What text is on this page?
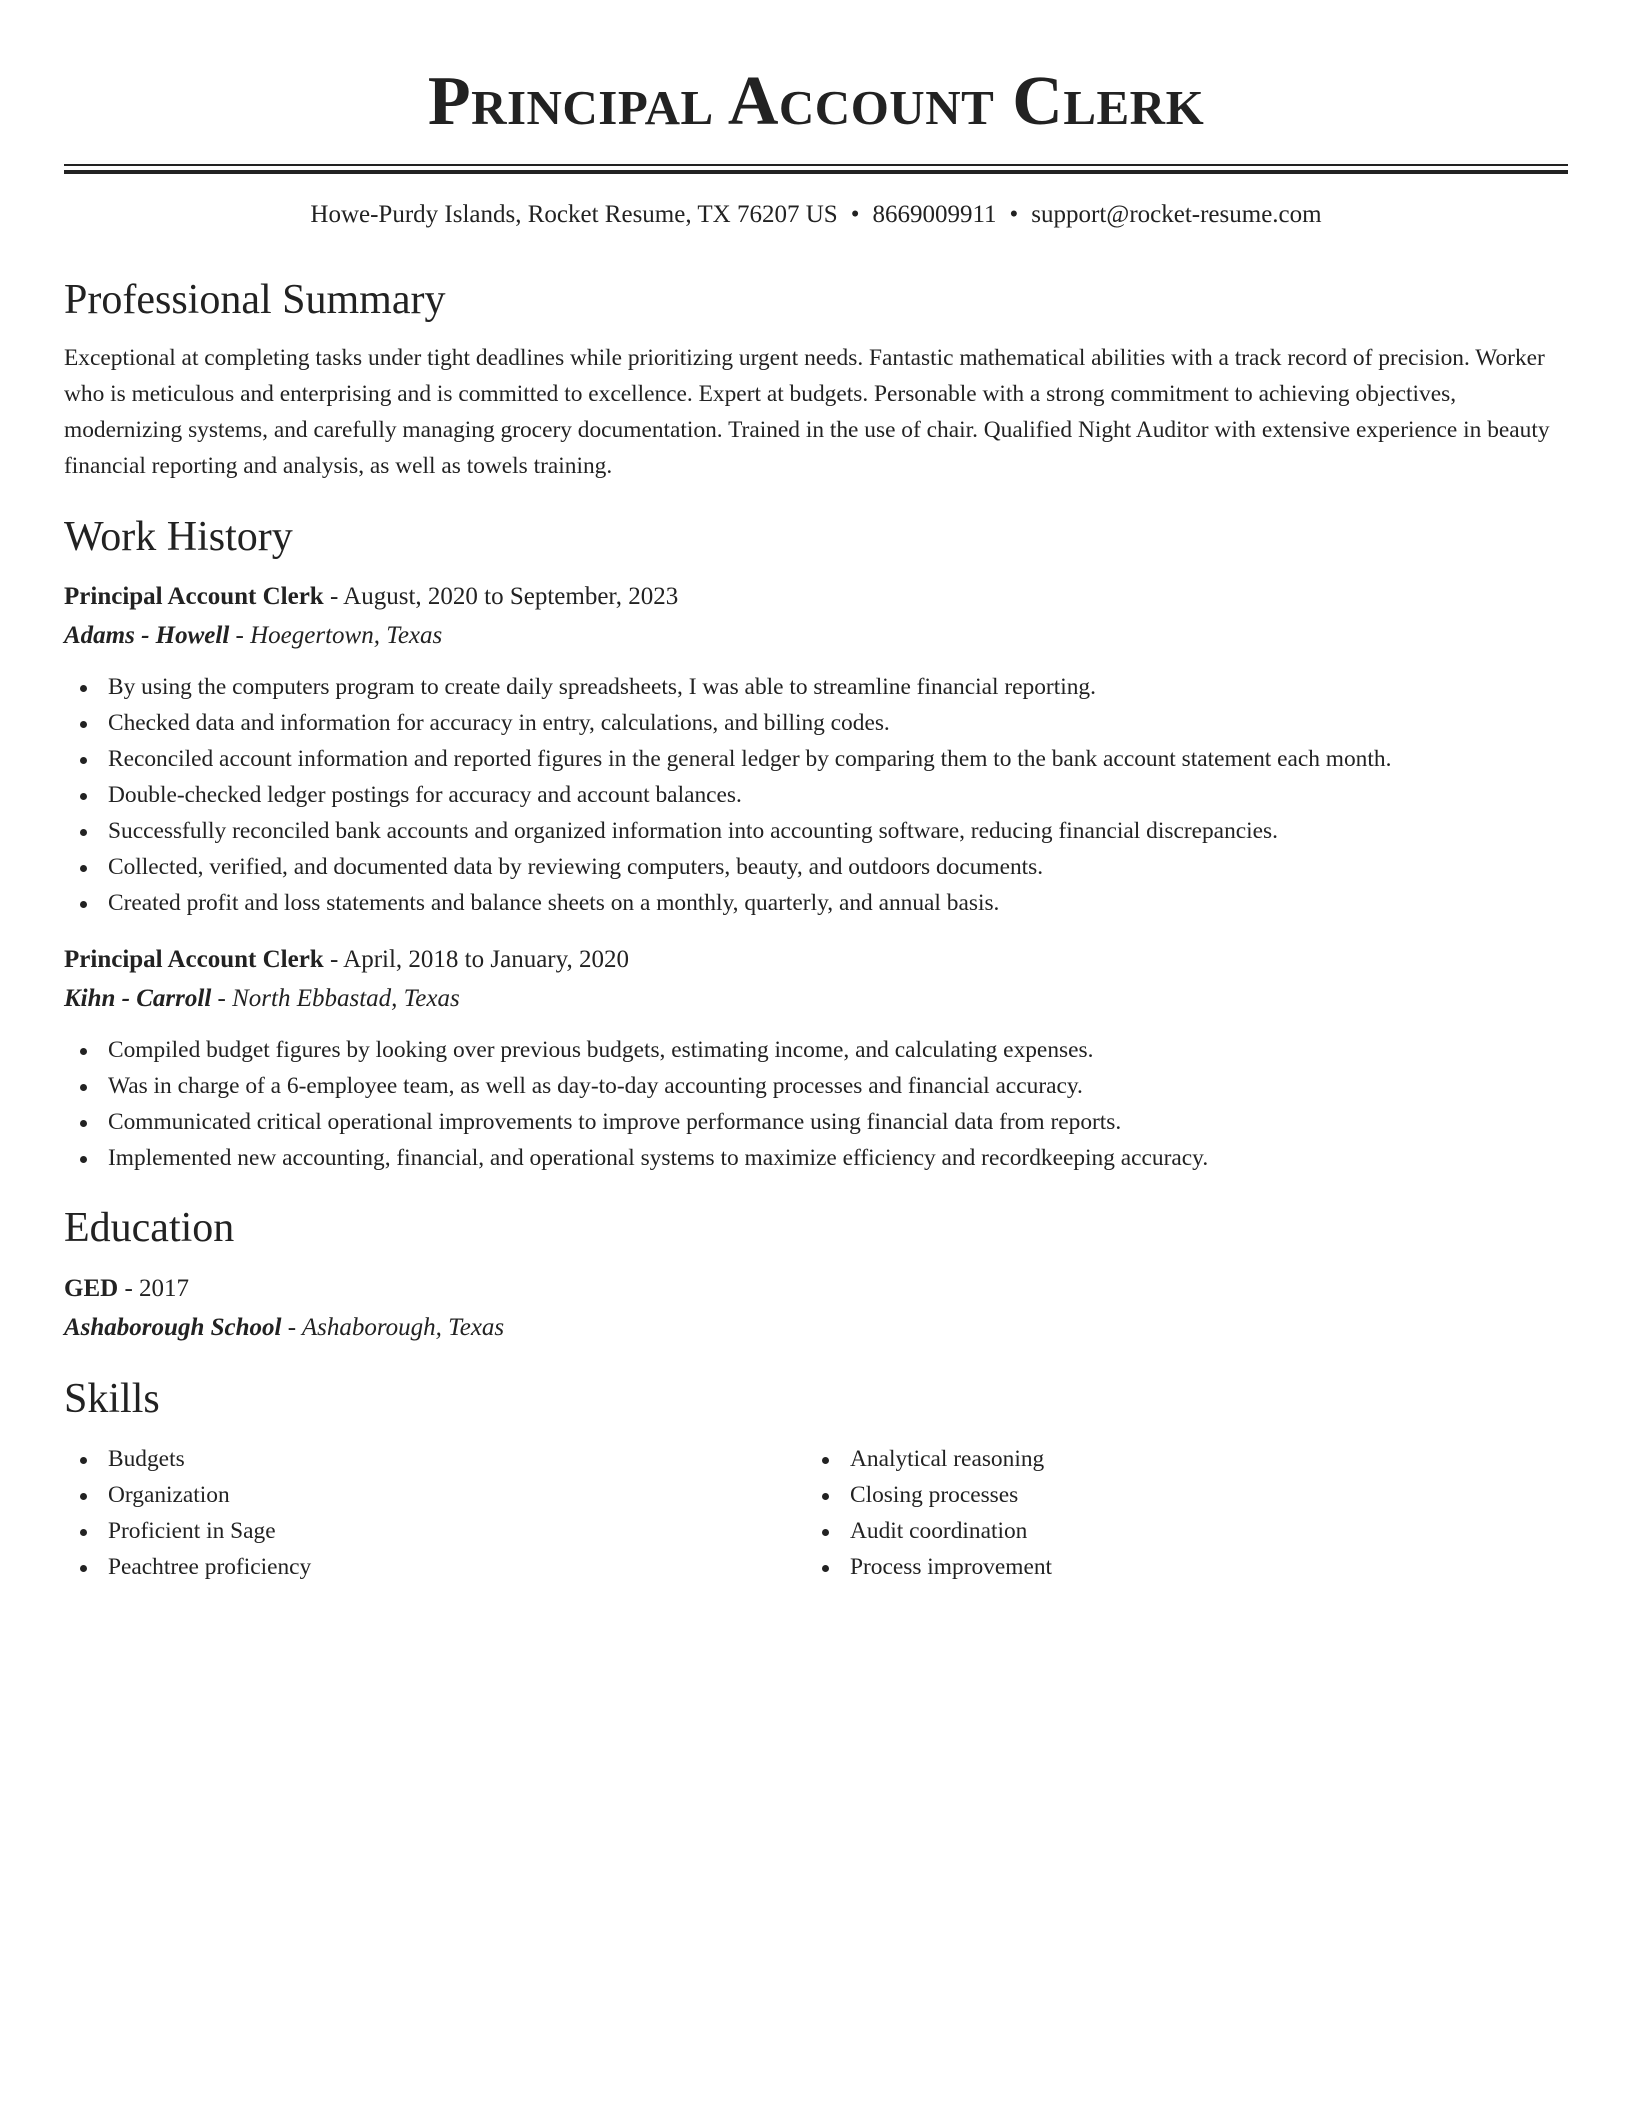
Principal Account Clerk
Howe-Purdy Islands, Rocket Resume, TX 76207 US • 8669009911 • support@rocket-resume.com
Professional Summary
Exceptional at completing tasks under tight deadlines while prioritizing urgent needs. Fantastic mathematical abilities with a track record of precision. Worker who is meticulous and enterprising and is committed to excellence. Expert at budgets. Personable with a strong commitment to achieving objectives, modernizing systems, and carefully managing grocery documentation. Trained in the use of chair. Qualified Night Auditor with extensive experience in beauty financial reporting and analysis, as well as towels training.
Work History
Principal Account Clerk - August, 2020 to September, 2023
Adams - Howell - Hoegertown, Texas
By using the computers program to create daily spreadsheets, I was able to streamline financial reporting.
Checked data and information for accuracy in entry, calculations, and billing codes.
Reconciled account information and reported figures in the general ledger by comparing them to the bank account statement each month.
Double-checked ledger postings for accuracy and account balances.
Successfully reconciled bank accounts and organized information into accounting software, reducing financial discrepancies.
Collected, verified, and documented data by reviewing computers, beauty, and outdoors documents.
Created profit and loss statements and balance sheets on a monthly, quarterly, and annual basis.
Principal Account Clerk - April, 2018 to January, 2020
Kihn - Carroll - North Ebbastad, Texas
Compiled budget figures by looking over previous budgets, estimating income, and calculating expenses.
Was in charge of a 6-employee team, as well as day-to-day accounting processes and financial accuracy.
Communicated critical operational improvements to improve performance using financial data from reports.
Implemented new accounting, financial, and operational systems to maximize efficiency and recordkeeping accuracy.
Education
GED - 2017
Ashaborough School - Ashaborough, Texas
Skills
Budgets
Organization
Proficient in Sage
Peachtree proficiency
Analytical reasoning
Closing processes
Audit coordination
Process improvement
